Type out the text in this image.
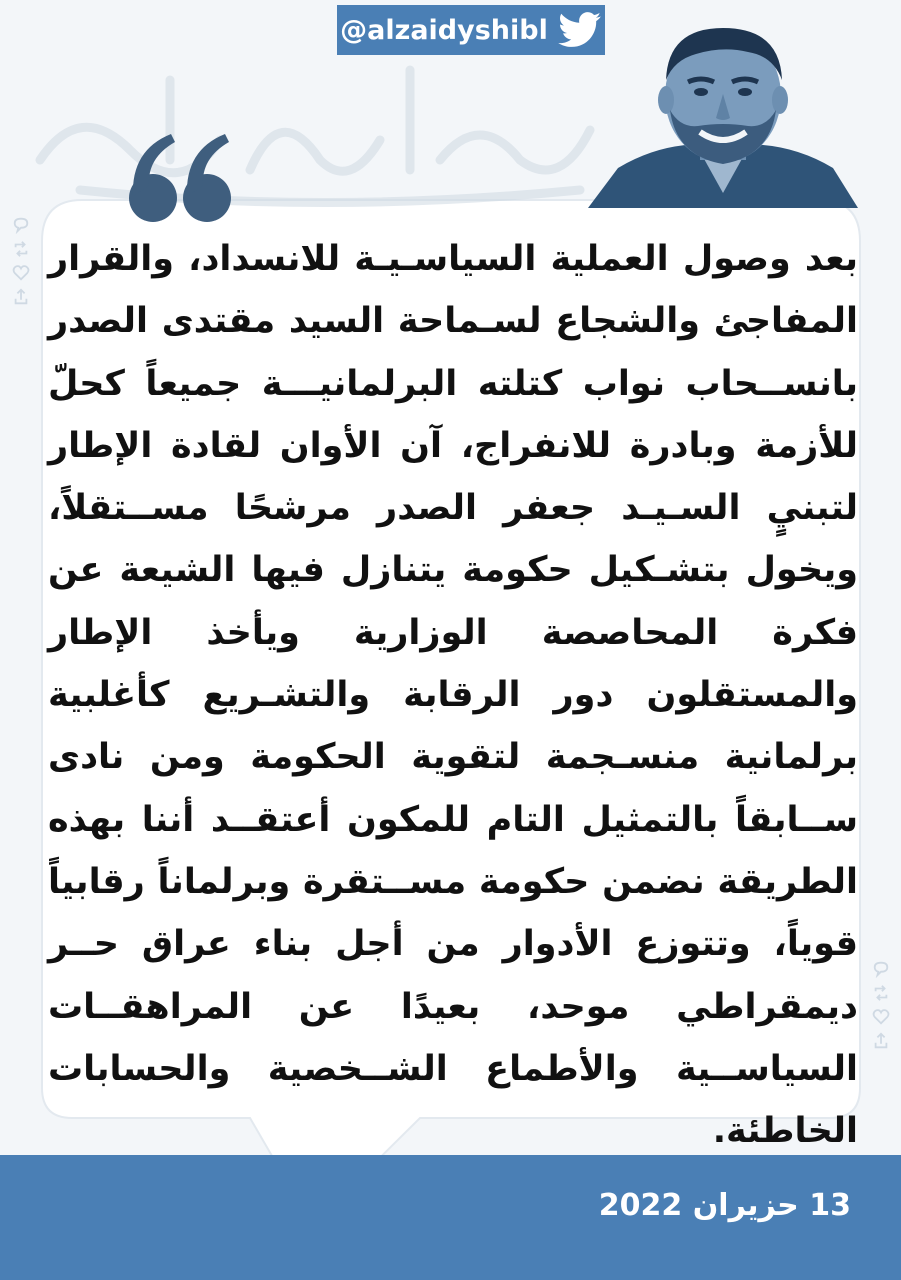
@alzaidyshibl

بعد وصول العملية السياسـيـة للانسداد، والقرار المفاجئ والشجاع لسـماحة السيد مقتدى الصدر بانســحاب نواب كتلته البرلمانيـــة جميعاً كحلّ للأزمة وبادرة للانفراج، آن الأوان لقادة الإطار لتبنيٍ السـيـد جعفر الصدر مرشحًا مســتقلاً، ويخول بتشـكيل حكومة يتنازل فيها الشيعة عن فكرة المحاصصة الوزارية ويأخذ الإطار والمستقلون دور الرقابة والتشـريع كأغلبية برلمانية منسـجمة لتقوية الحكومة ومن نادى ســابقاً بالتمثيل التام للمكون أعتقــد أننا بهذه الطريقة نضمن حكومة مســتقرة وبرلماناً رقابياً قوياً، وتتوزع الأدوار من أجل بناء عراق حــر ديمقراطي موحد، بعيدًا عن المراهقــات السياســية والأطماع الشــخصية والحسابات الخاطئة.

13 حزيران 2022
